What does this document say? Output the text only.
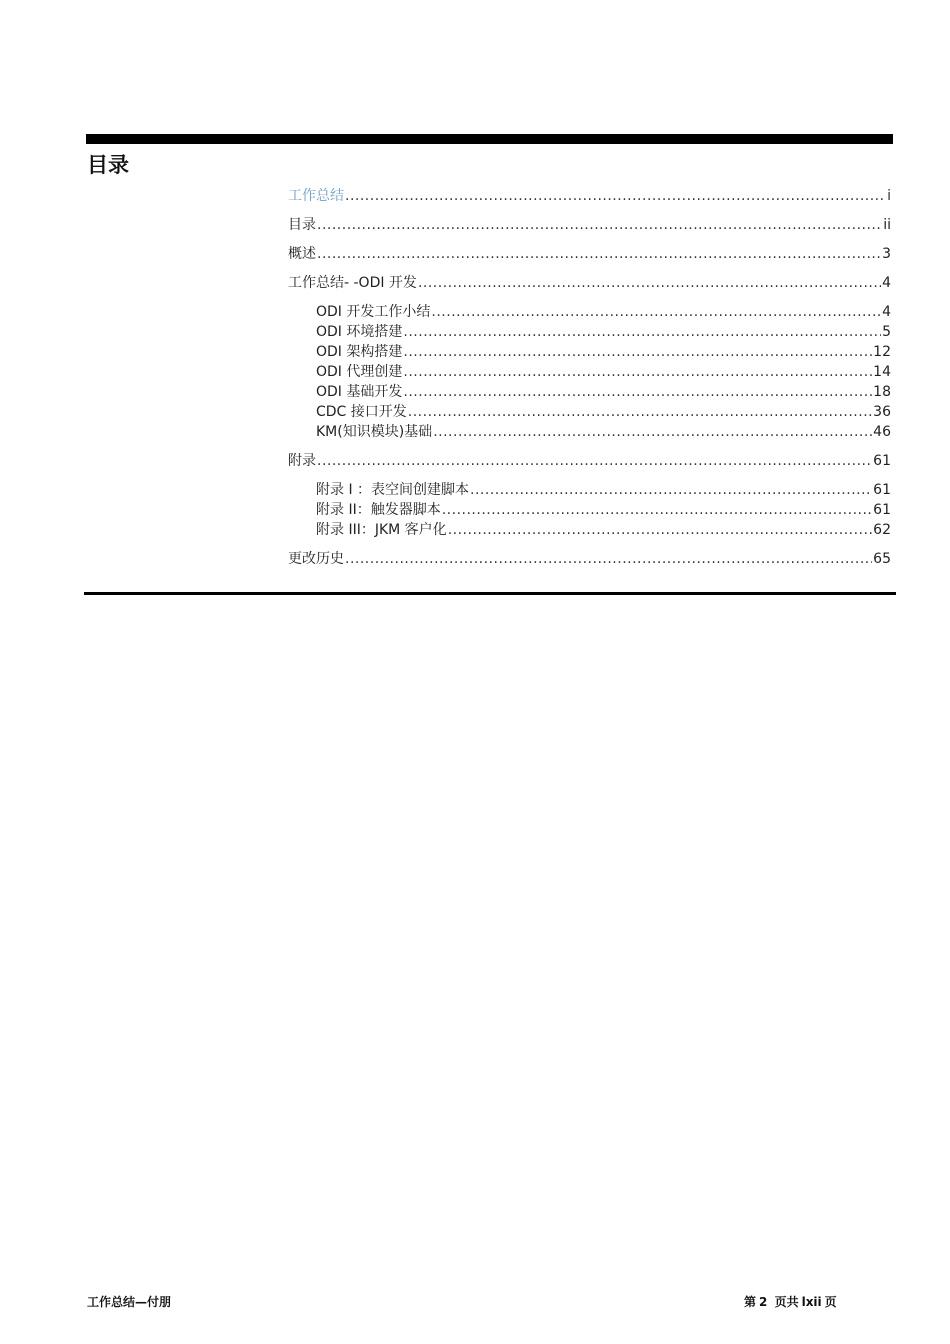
目录
工作总结 .....	i
目录 .....	ii
概述 .....	3
工作总结- -ODI 开发 .....	4
ODI 开发工作小结 .....	4
ODI 环境搭建 .....	5
ODI 架构搭建 .....	12
ODI 代理创建 .....	14
ODI 基础开发 .....	18
CDC 接口开发 .....	36
KM(知识模块)基础 .....	46
附录 .....	61
附录 I ：表空间创建脚本 .....	61
附录 II：触发器脚本 .....	61
附录 III：JKM 客户化 .....	62
更改历史 .....	65
工作总结—付朋	第 2 页共 lxii 页
